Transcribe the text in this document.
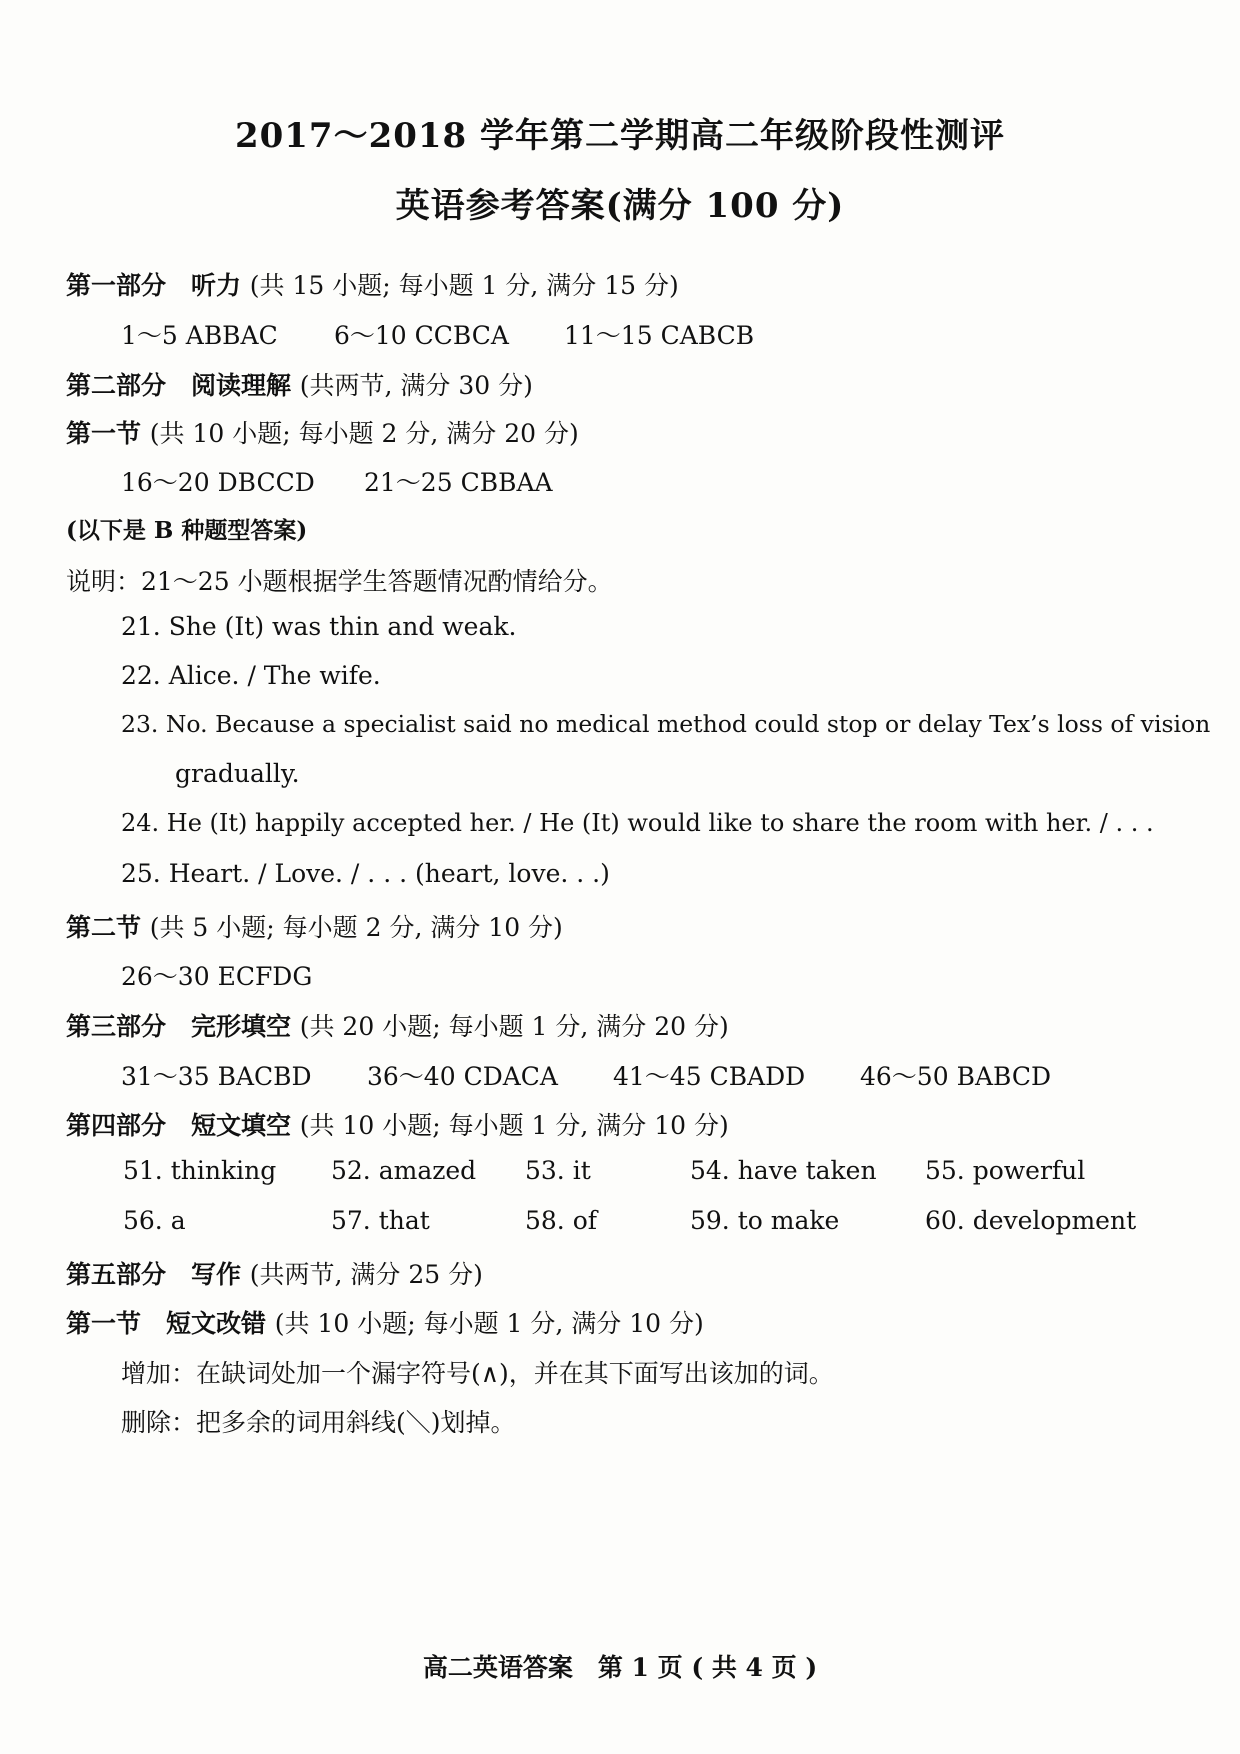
2017～2018 学年第二学期高二年级阶段性测评
英语参考答案(满分 100 分)
第一部分　听力 (共 15 小题; 每小题 1 分, 满分 15 分)
1～5 ABBAC 6～10 CCBCA 11～15 CABCB
第二部分　阅读理解 (共两节, 满分 30 分)
第一节 (共 10 小题; 每小题 2 分, 满分 20 分)
16～20 DBCCD 21～25 CBBAA
(以下是 B 种题型答案)
说明：21～25 小题根据学生答题情况酌情给分。
21. She (It) was thin and weak.
22. Alice. / The wife.
23. No. Because a specialist said no medical method could stop or delay Tex’s loss of vision
gradually.
24. He (It) happily accepted her. / He (It) would like to share the room with her. / . . .
25. Heart. / Love. / . . . (heart, love. . .)
第二节 (共 5 小题; 每小题 2 分, 满分 10 分)
26～30 ECFDG
第三部分　完形填空 (共 20 小题; 每小题 1 分, 满分 20 分)
31～35 BACBD 36～40 CDACA 41～45 CBADD 46～50 BABCD
第四部分　短文填空 (共 10 小题; 每小题 1 分, 满分 10 分)
51. thinking 52. amazed 53. it	54. have taken 55. powerful
56. a	57. that	58. of	59. to make	60. development
第五部分　写作 (共两节, 满分 25 分)
第一节　短文改错 (共 10 小题; 每小题 1 分, 满分 10 分)
增加：在缺词处加一个漏字符号(∧)，并在其下面写出该加的词。
删除：把多余的词用斜线(＼)划掉。
高二英语答案　第 1 页 ( 共 4 页 )
